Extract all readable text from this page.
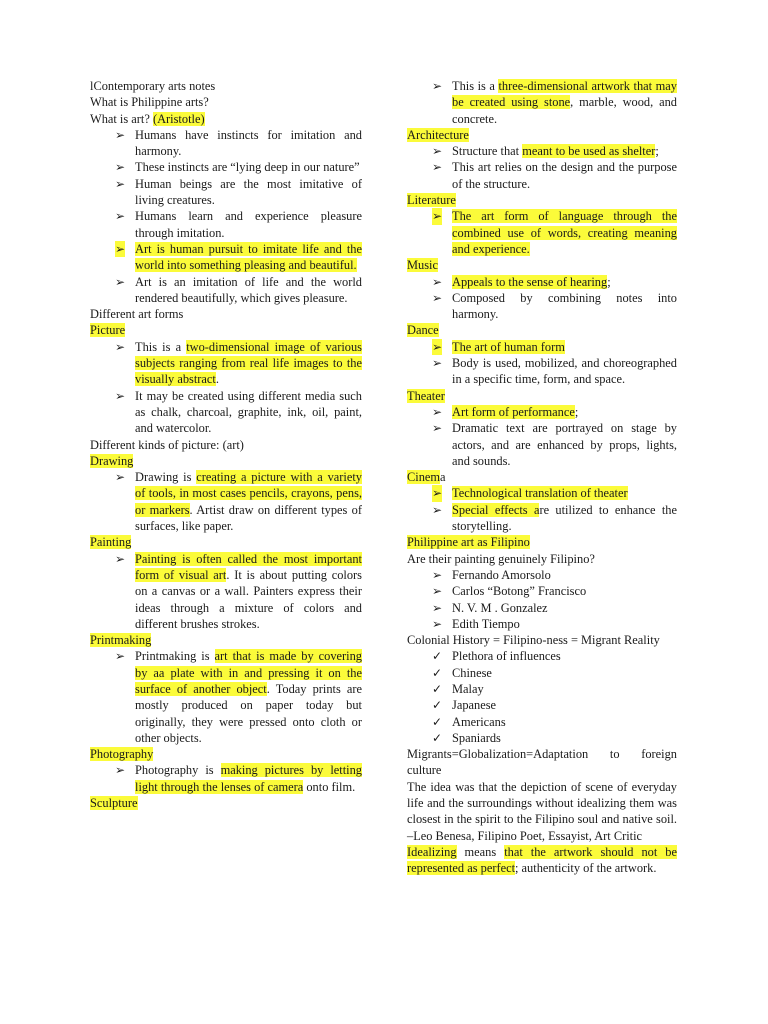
lContemporary arts notes

What is Philippine arts?

What is art? (Aristotle)

➢ Humans have instincts for imitation and harmony.
➢ These instincts are “lying deep in our nature”
➢ Human beings are the most imitative of living creatures.
➢ Humans learn and experience pleasure through imitation.
➢ Art is human pursuit to imitate life and the world into something pleasing and beautiful.
➢ Art is an imitation of life and the world rendered beautifully, which gives pleasure.

Different art forms

Picture

➢ This is a two-dimensional image of various subjects ranging from real life images to the visually abstract.
➢ It may be created using different media such as chalk, charcoal, graphite, ink, oil, paint, and watercolor.

Different kinds of picture: (art)

Drawing

➢ Drawing is creating a picture with a variety of tools, in most cases pencils, crayons, pens, or markers. Artist draw on different types of surfaces, like paper.

Painting

➢ Painting is often called the most important form of visual art. It is about putting colors on a canvas or a wall. Painters express their ideas through a mixture of colors and different brushes strokes.

Printmaking

➢ Printmaking is art that is made by covering by aa plate with in and pressing it on the surface of another object. Today prints are mostly produced on paper today but originally, they were pressed onto cloth or other objects.

Photography

➢ Photography is making pictures by letting light through the lenses of camera onto film.

Sculpture

➢ This is a three-dimensional artwork that may be created using stone, marble, wood, and concrete.

Architecture

➢ Structure that meant to be used as shelter;
➢ This art relies on the design and the purpose of the structure.

Literature

➢ The art form of language through the combined use of words, creating meaning and experience.

Music

➢ Appeals to the sense of hearing;
➢ Composed by combining notes into harmony.

Dance

➢ The art of human form
➢ Body is used, mobilized, and choreographed in a specific time, form, and space.

Theater

➢ Art form of performance;
➢ Dramatic text are portrayed on stage by actors, and are enhanced by props, lights, and sounds.

Cinema

➢ Technological translation of theater
➢ Special effects are utilized to enhance the storytelling.

Philippine art as Filipino

Are their painting genuinely Filipino?

➢ Fernando Amorsolo
➢ Carlos “Botong” Francisco
➢ N. V. M . Gonzalez
➢ Edith Tiempo

Colonial History = Filipino-ness = Migrant Reality

✓ Plethora of influences
✓ Chinese
✓ Malay
✓ Japanese
✓ Americans
✓ Spaniards

Migrants=Globalization=Adaptation to foreign culture

The idea was that the depiction of scene of everyday life and the surroundings without idealizing them was closest in the spirit to the Filipino soul and native soil. –Leo Benesa, Filipino Poet, Essayist, Art Critic

Idealizing means that the artwork should not be represented as perfect; authenticity of the artwork.
